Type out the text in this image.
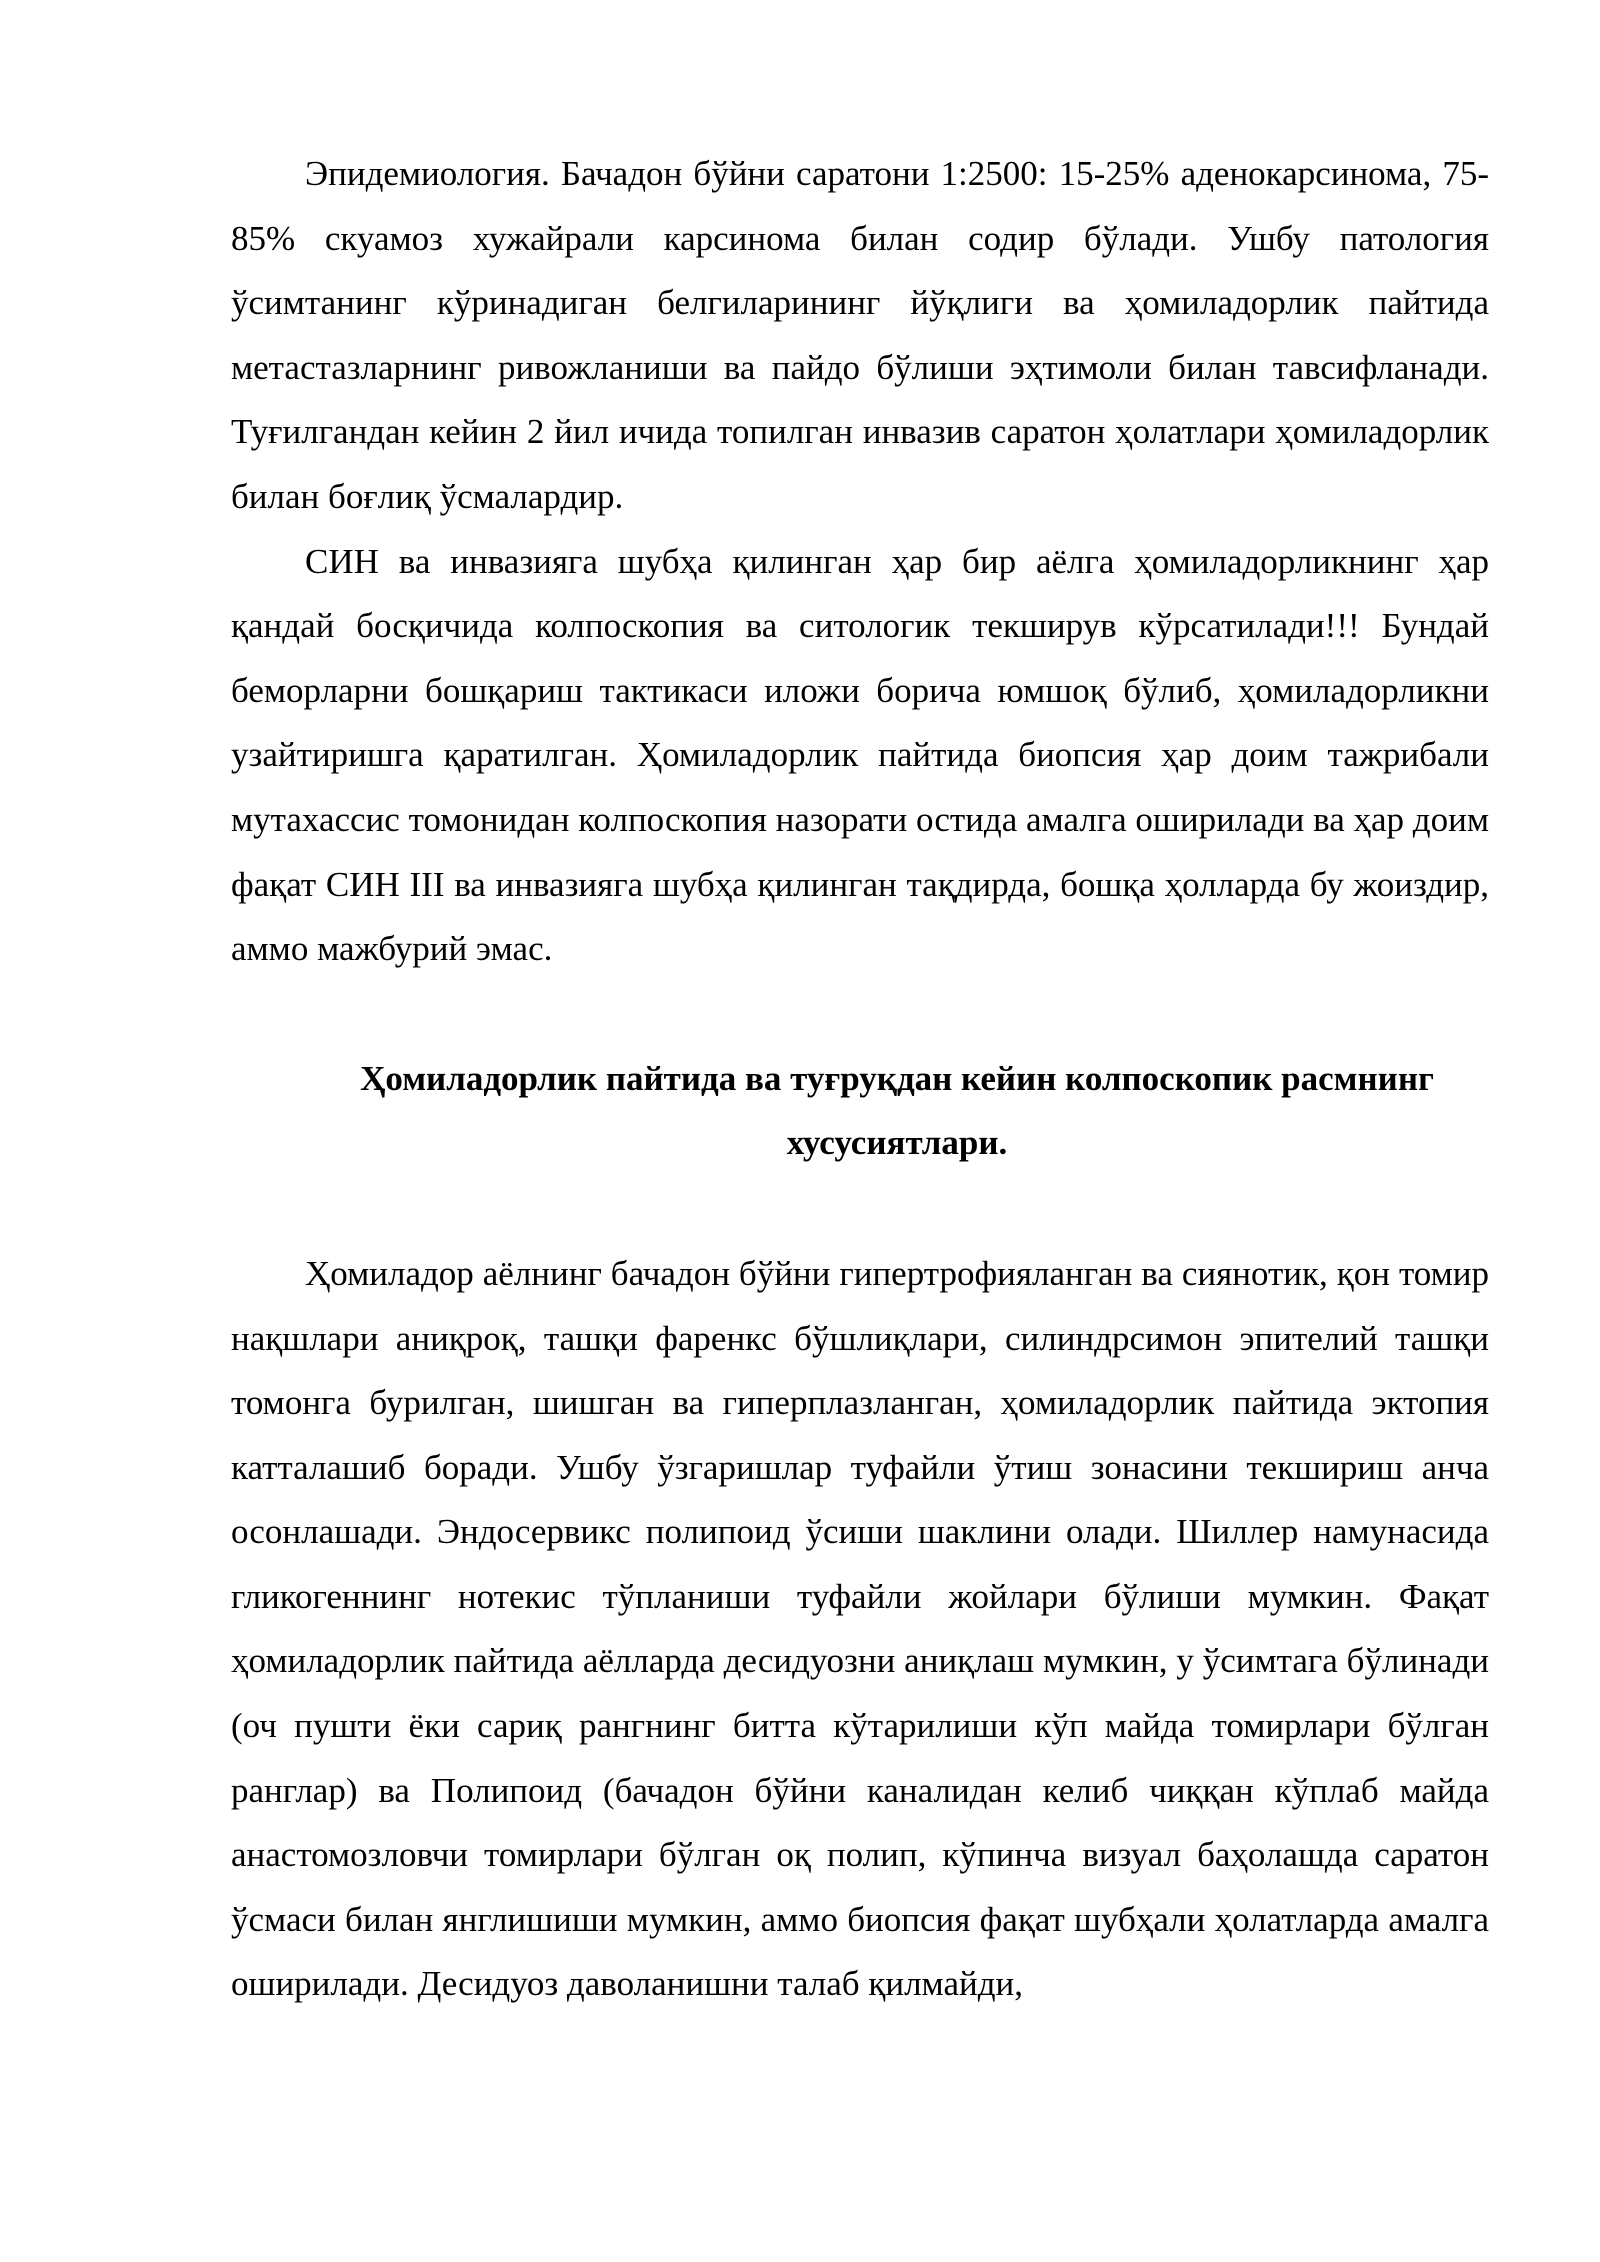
Эпидемиология. Бачадон бўйни саратони 1:2500: 15-25% аденокарсинома, 75-85% скуамоз хужайрали карсинома билан содир бўлади. Ушбу патология ўсимтанинг кўринадиган белгиларининг йўқлиги ва ҳомиладорлик пайтида метастазларнинг ривожланиши ва пайдо бўлиши эҳтимоли билан тавсифланади. Туғилгандан кейин 2 йил ичида топилган инвазив саратон ҳолатлари ҳомиладорлик билан боғлиқ ўсмалардир.

СИН ва инвазияга шубҳа қилинган ҳар бир аёлга ҳомиладорликнинг ҳар қандай босқичида колпоскопия ва ситологик текширув кўрсатилади!!! Бундай беморларни бошқариш тактикаси иложи борича юмшоқ бўлиб, ҳомиладорликни узайтиришга қаратилган. Ҳомиладорлик пайтида биопсия ҳар доим тажрибали мутахассис томонидан колпоскопия назорати остида амалга оширилади ва ҳар доим фақат СИН III ва инвазияга шубҳа қилинган тақдирда, бошқа ҳолларда бу жоиздир, аммо мажбурий эмас.

Ҳомиладорлик пайтида ва туғруқдан кейин колпоскопик расмнинг хусусиятлари.

Ҳомиладор аёлнинг бачадон бўйни гипертрофияланган ва сиянотик, қон томир нақшлари аниқроқ, ташқи фаренкс бўшлиқлари, силиндрсимон эпителий ташқи томонга бурилган, шишган ва гиперплазланган, ҳомиладорлик пайтида эктопия катталашиб боради. Ушбу ўзгаришлар туфайли ўтиш зонасини текшириш анча осонлашади. Эндосервикс полипоид ўсиши шаклини олади. Шиллер намунасида гликогеннинг нотекис тўпланиши туфайли жойлари бўлиши мумкин. Фақат ҳомиладорлик пайтида аёлларда десидуозни аниқлаш мумкин, у ўсимтага бўлинади (оч пушти ёки сариқ рангнинг битта кўтарилиши кўп майда томирлари бўлган ранглар) ва Полипоид (бачадон бўйни каналидан келиб чиққан кўплаб майда анастомозловчи томирлари бўлган оқ полип, кўпинча визуал баҳолашда саратон ўсмаси билан янглишиши мумкин, аммо биопсия фақат шубҳали ҳолатларда амалга оширилади. Десидуоз даволанишни талаб қилмайди,
